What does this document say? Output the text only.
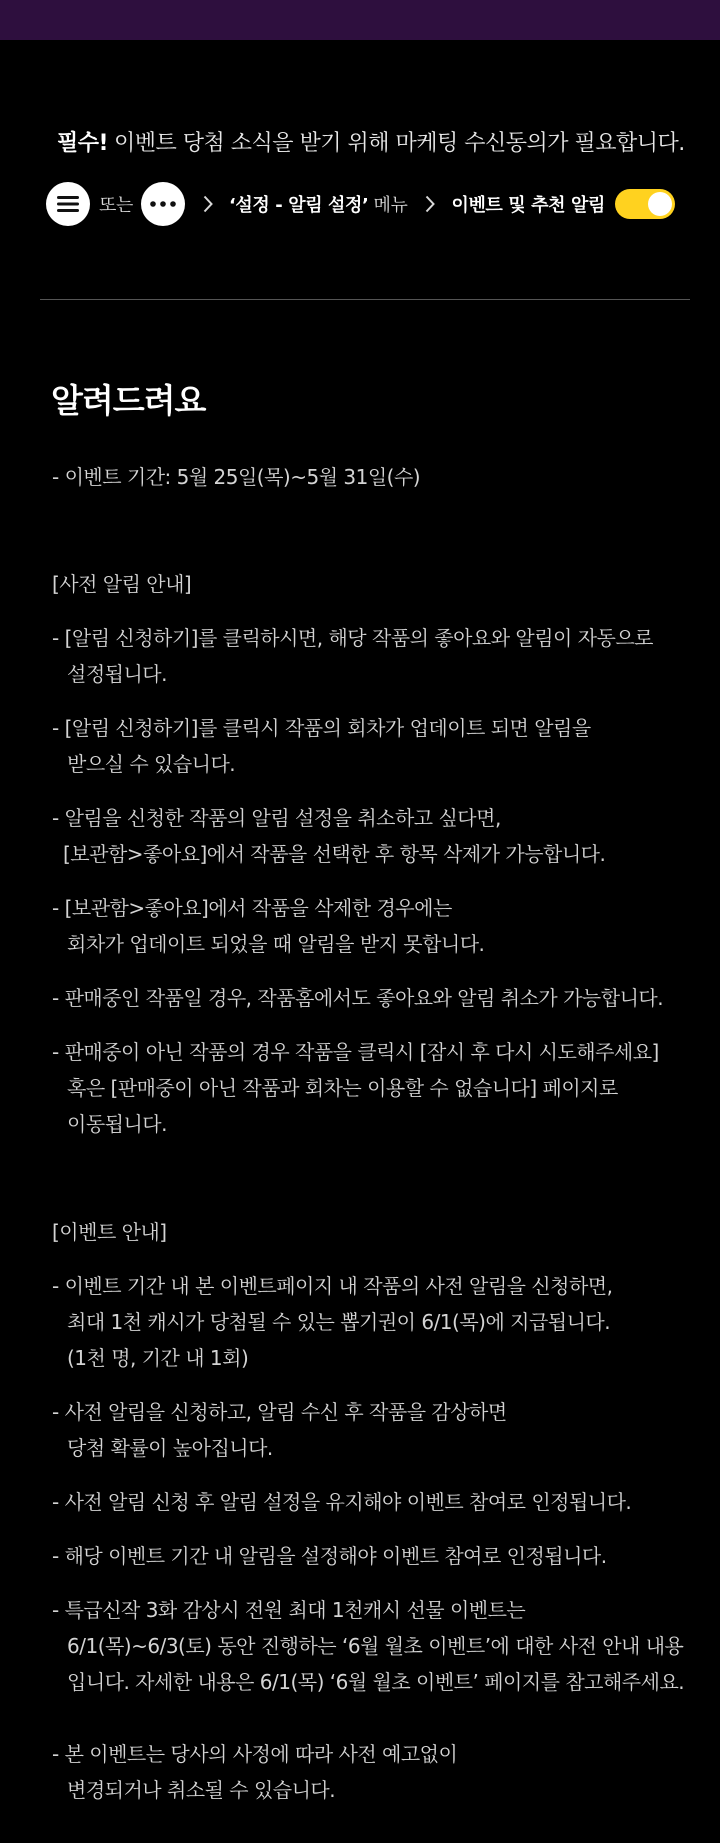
필수! 이벤트 당첨 소식을 받기 위해 마케팅 수신동의가 필요합니다.
또는	‘설정 - 알림 설정’ 메뉴 이벤트 및 추천 알림
알려드려요
- 이벤트 기간: 5월 25일(목)~5월 31일(수)
[사전 알림 안내]
- [알림 신청하기]를 클릭하시면, 해당 작품의 좋아요와 알림이 자동으로
설정됩니다.
- [알림 신청하기]를 클릭시 작품의 회차가 업데이트 되면 알림을
받으실 수 있습니다.
- 알림을 신청한 작품의 알림 설정을 취소하고 싶다면,
[보관함>좋아요]에서 작품을 선택한 후 항목 삭제가 가능합니다.
- [보관함>좋아요]에서 작품을 삭제한 경우에는
회차가 업데이트 되었을 때 알림을 받지 못합니다.
- 판매중인 작품일 경우, 작품홈에서도 좋아요와 알림 취소가 가능합니다.
- 판매중이 아닌 작품의 경우 작품을 클릭시 [잠시 후 다시 시도해주세요]
혹은 [판매중이 아닌 작품과 회차는 이용할 수 없습니다] 페이지로
이동됩니다.
[이벤트 안내]
- 이벤트 기간 내 본 이벤트페이지 내 작품의 사전 알림을 신청하면,
최대 1천 캐시가 당첨될 수 있는 뽑기권이 6/1(목)에 지급됩니다.
(1천 명, 기간 내 1회)
- 사전 알림을 신청하고, 알림 수신 후 작품을 감상하면
당첨 확률이 높아집니다.
- 사전 알림 신청 후 알림 설정을 유지해야 이벤트 참여로 인정됩니다.
- 해당 이벤트 기간 내 알림을 설정해야 이벤트 참여로 인정됩니다.
- 특급신작 3화 감상시 전원 최대 1천캐시 선물 이벤트는
6/1(목)~6/3(토) 동안 진행하는 ‘6월 월초 이벤트’에 대한 사전 안내 내용
입니다. 자세한 내용은 6/1(목) ‘6월 월초 이벤트’ 페이지를 참고해주세요.
- 본 이벤트는 당사의 사정에 따라 사전 예고없이
변경되거나 취소될 수 있습니다.
